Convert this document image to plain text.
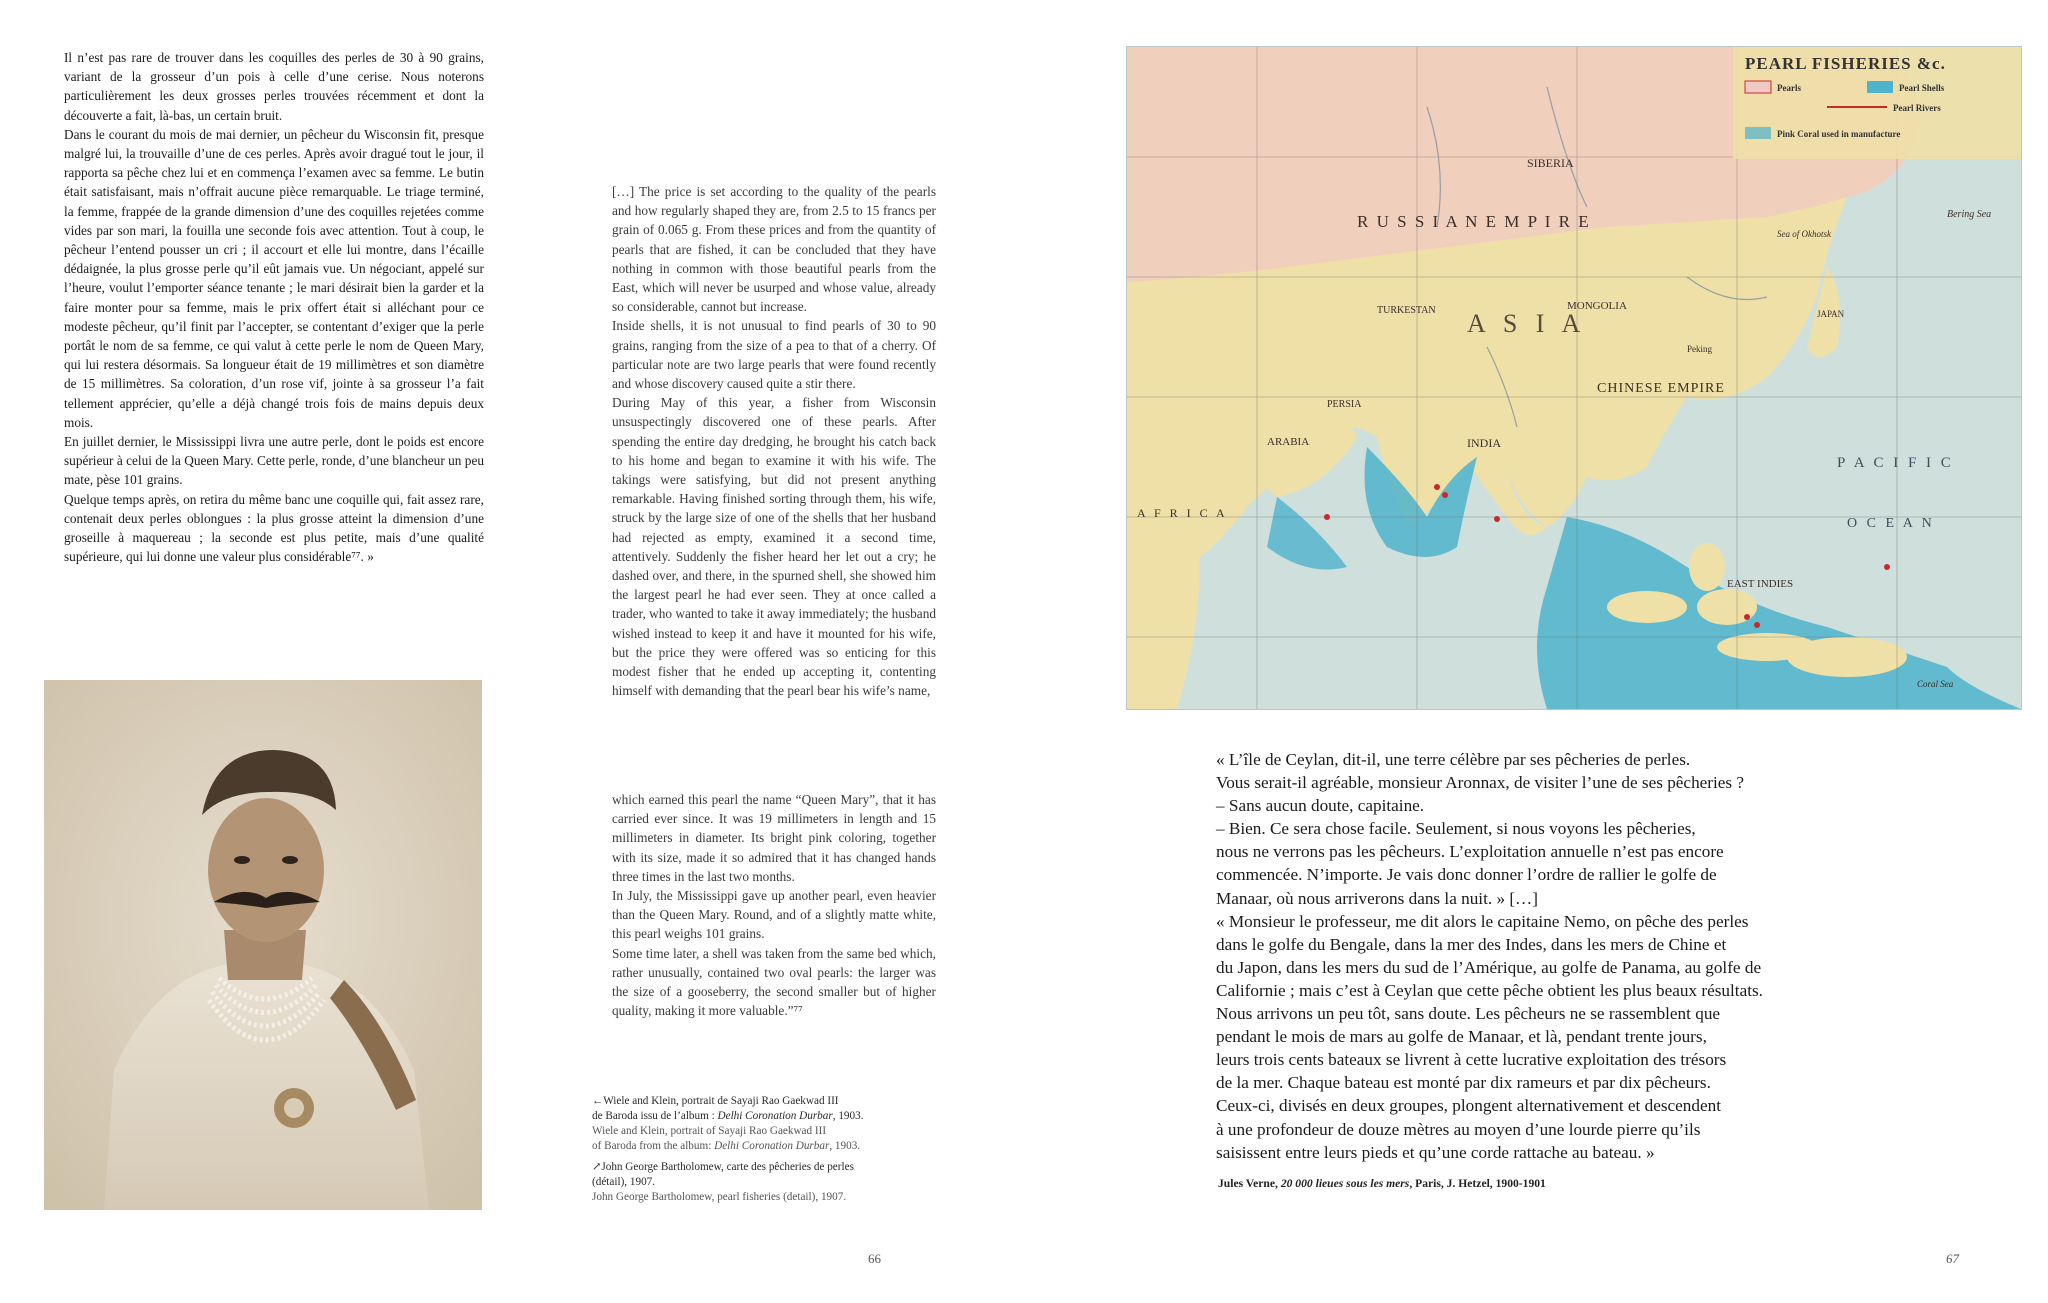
Il n’est pas rare de trouver dans les coquilles des perles de 30 à 90 grains, variant de la grosseur d’un pois à celle d’une cerise. Nous noterons particulièrement les deux grosses perles trouvées récemment et dont la découverte a fait, là-bas, un certain bruit.

Dans le courant du mois de mai dernier, un pêcheur du Wisconsin fit, presque malgré lui, la trouvaille d’une de ces perles. Après avoir dragué tout le jour, il rapporta sa pêche chez lui et en commença l’examen avec sa femme. Le butin était satisfaisant, mais n’offrait aucune pièce remarquable. Le triage terminé, la femme, frappée de la grande dimension d’une des coquilles rejetées comme vides par son mari, la fouilla une seconde fois avec attention. Tout à coup, le pêcheur l’entend pousser un cri ; il accourt et elle lui montre, dans l’écaille dédaignée, la plus grosse perle qu’il eût jamais vue. Un négociant, appelé sur l’heure, voulut l’emporter séance tenante ; le mari désirait bien la garder et la faire monter pour sa femme, mais le prix offert était si alléchant pour ce modeste pêcheur, qu’il finit par l’accepter, se contentant d’exiger que la perle portât le nom de sa femme, ce qui valut à cette perle le nom de Queen Mary, qui lui restera désormais. Sa longueur était de 19 millimètres et son diamètre de 15 millimètres. Sa coloration, d’un rose vif, jointe à sa grosseur l’a fait tellement apprécier, qu’elle a déjà changé trois fois de mains depuis deux mois.

En juillet dernier, le Mississippi livra une autre perle, dont le poids est encore supérieur à celui de la Queen Mary. Cette perle, ronde, d’une blancheur un peu mate, pèse 101 grains.

Quelque temps après, on retira du même banc une coquille qui, fait assez rare, contenait deux perles oblongues : la plus grosse atteint la dimension d’une groseille à maquereau ; la seconde est plus petite, mais d’une qualité supérieure, qui lui donne une valeur plus considérable⁷⁷. »

[…] The price is set according to the quality of the pearls and how regularly shaped they are, from 2.5 to 15 francs per grain of 0.065 g. From these prices and from the quantity of pearls that are fished, it can be concluded that they have nothing in common with those beautiful pearls from the East, which will never be usurped and whose value, already so considerable, cannot but increase.

Inside shells, it is not unusual to find pearls of 30 to 90 grains, ranging from the size of a pea to that of a cherry. Of particular note are two large pearls that were found recently and whose discovery caused quite a stir there.

During May of this year, a fisher from Wisconsin unsuspectingly discovered one of these pearls. After spending the entire day dredging, he brought his catch back to his home and began to examine it with his wife. The takings were satisfying, but did not present anything remarkable. Having finished sorting through them, his wife, struck by the large size of one of the shells that her husband had rejected as empty, examined it a second time, attentively. Suddenly the fisher heard her let out a cry; he dashed over, and there, in the spurned shell, she showed him the largest pearl he had ever seen. They at once called a trader, who wanted to take it away immediately; the husband wished instead to keep it and have it mounted for his wife, but the price they were offered was so enticing for this modest fisher that he ended up accepting it, contenting himself with demanding that the pearl bear his wife’s name,

which earned this pearl the name “Queen Mary”, that it has carried ever since. It was 19 millimeters in length and 15 millimeters in diameter. Its bright pink coloring, together with its size, made it so admired that it has changed hands three times in the last two months.

In July, the Mississippi gave up another pearl, even heavier than the Queen Mary. Round, and of a slightly matte white, this pearl weighs 101 grains.

Some time later, a shell was taken from the same bed which, rather unusually, contained two oval pearls: the larger was the size of a gooseberry, the second smaller but of higher quality, making it more valuable.”⁷⁷

←Wiele and Klein, portrait de Sayaji Rao Gaekwad III

de Baroda issu de l’album : Delhi Coronation Durbar, 1903.

Wiele and Klein, portrait of Sayaji Rao Gaekwad III

of Baroda from the album: Delhi Coronation Durbar, 1903.

↗John George Bartholomew, carte des pêcheries de perles

(détail), 1907.

John George Bartholomew, pearl fisheries (detail), 1907.

66
R U S S I A N E M P I R E
A S I A
CHINESE EMPIRE
MONGOLIA
TURKESTAN
ARABIA
PERSIA
INDIA
SIBERIA
P A C I F I C
O C E A N
EAST INDIES
Bering Sea
Sea of Okhotsk
A F R I C A
Peking
JAPAN
Coral Sea
PEARL FISHERIES &c.
Pearls	Pearl Shells
Pearl Rivers
Pink Coral used in manufacture
« L’île de Ceylan, dit-il, une terre célèbre par ses pêcheries de perles.
Vous serait-il agréable, monsieur Aronnax, de visiter l’une de ses pêcheries ?
– Sans aucun doute, capitaine.
– Bien. Ce sera chose facile. Seulement, si nous voyons les pêcheries,
nous ne verrons pas les pêcheurs. L’exploitation annuelle n’est pas encore
commencée. N’importe. Je vais donc donner l’ordre de rallier le golfe de
Manaar, où nous arriverons dans la nuit. » […]
« Monsieur le professeur, me dit alors le capitaine Nemo, on pêche des perles
dans le golfe du Bengale, dans la mer des Indes, dans les mers de Chine et
du Japon, dans les mers du sud de l’Amérique, au golfe de Panama, au golfe de
Californie ; mais c’est à Ceylan que cette pêche obtient les plus beaux résultats.
Nous arrivons un peu tôt, sans doute. Les pêcheurs ne se rassemblent que
pendant le mois de mars au golfe de Manaar, et là, pendant trente jours,
leurs trois cents bateaux se livrent à cette lucrative exploitation des trésors
de la mer. Chaque bateau est monté par dix rameurs et par dix pêcheurs.
Ceux-ci, divisés en deux groupes, plongent alternativement et descendent
à une profondeur de douze mètres au moyen d’une lourde pierre qu’ils
saisissent entre leurs pieds et qu’une corde rattache au bateau. »
Jules Verne, 20 000 lieues sous les mers, Paris, J. Hetzel, 1900-1901
67
